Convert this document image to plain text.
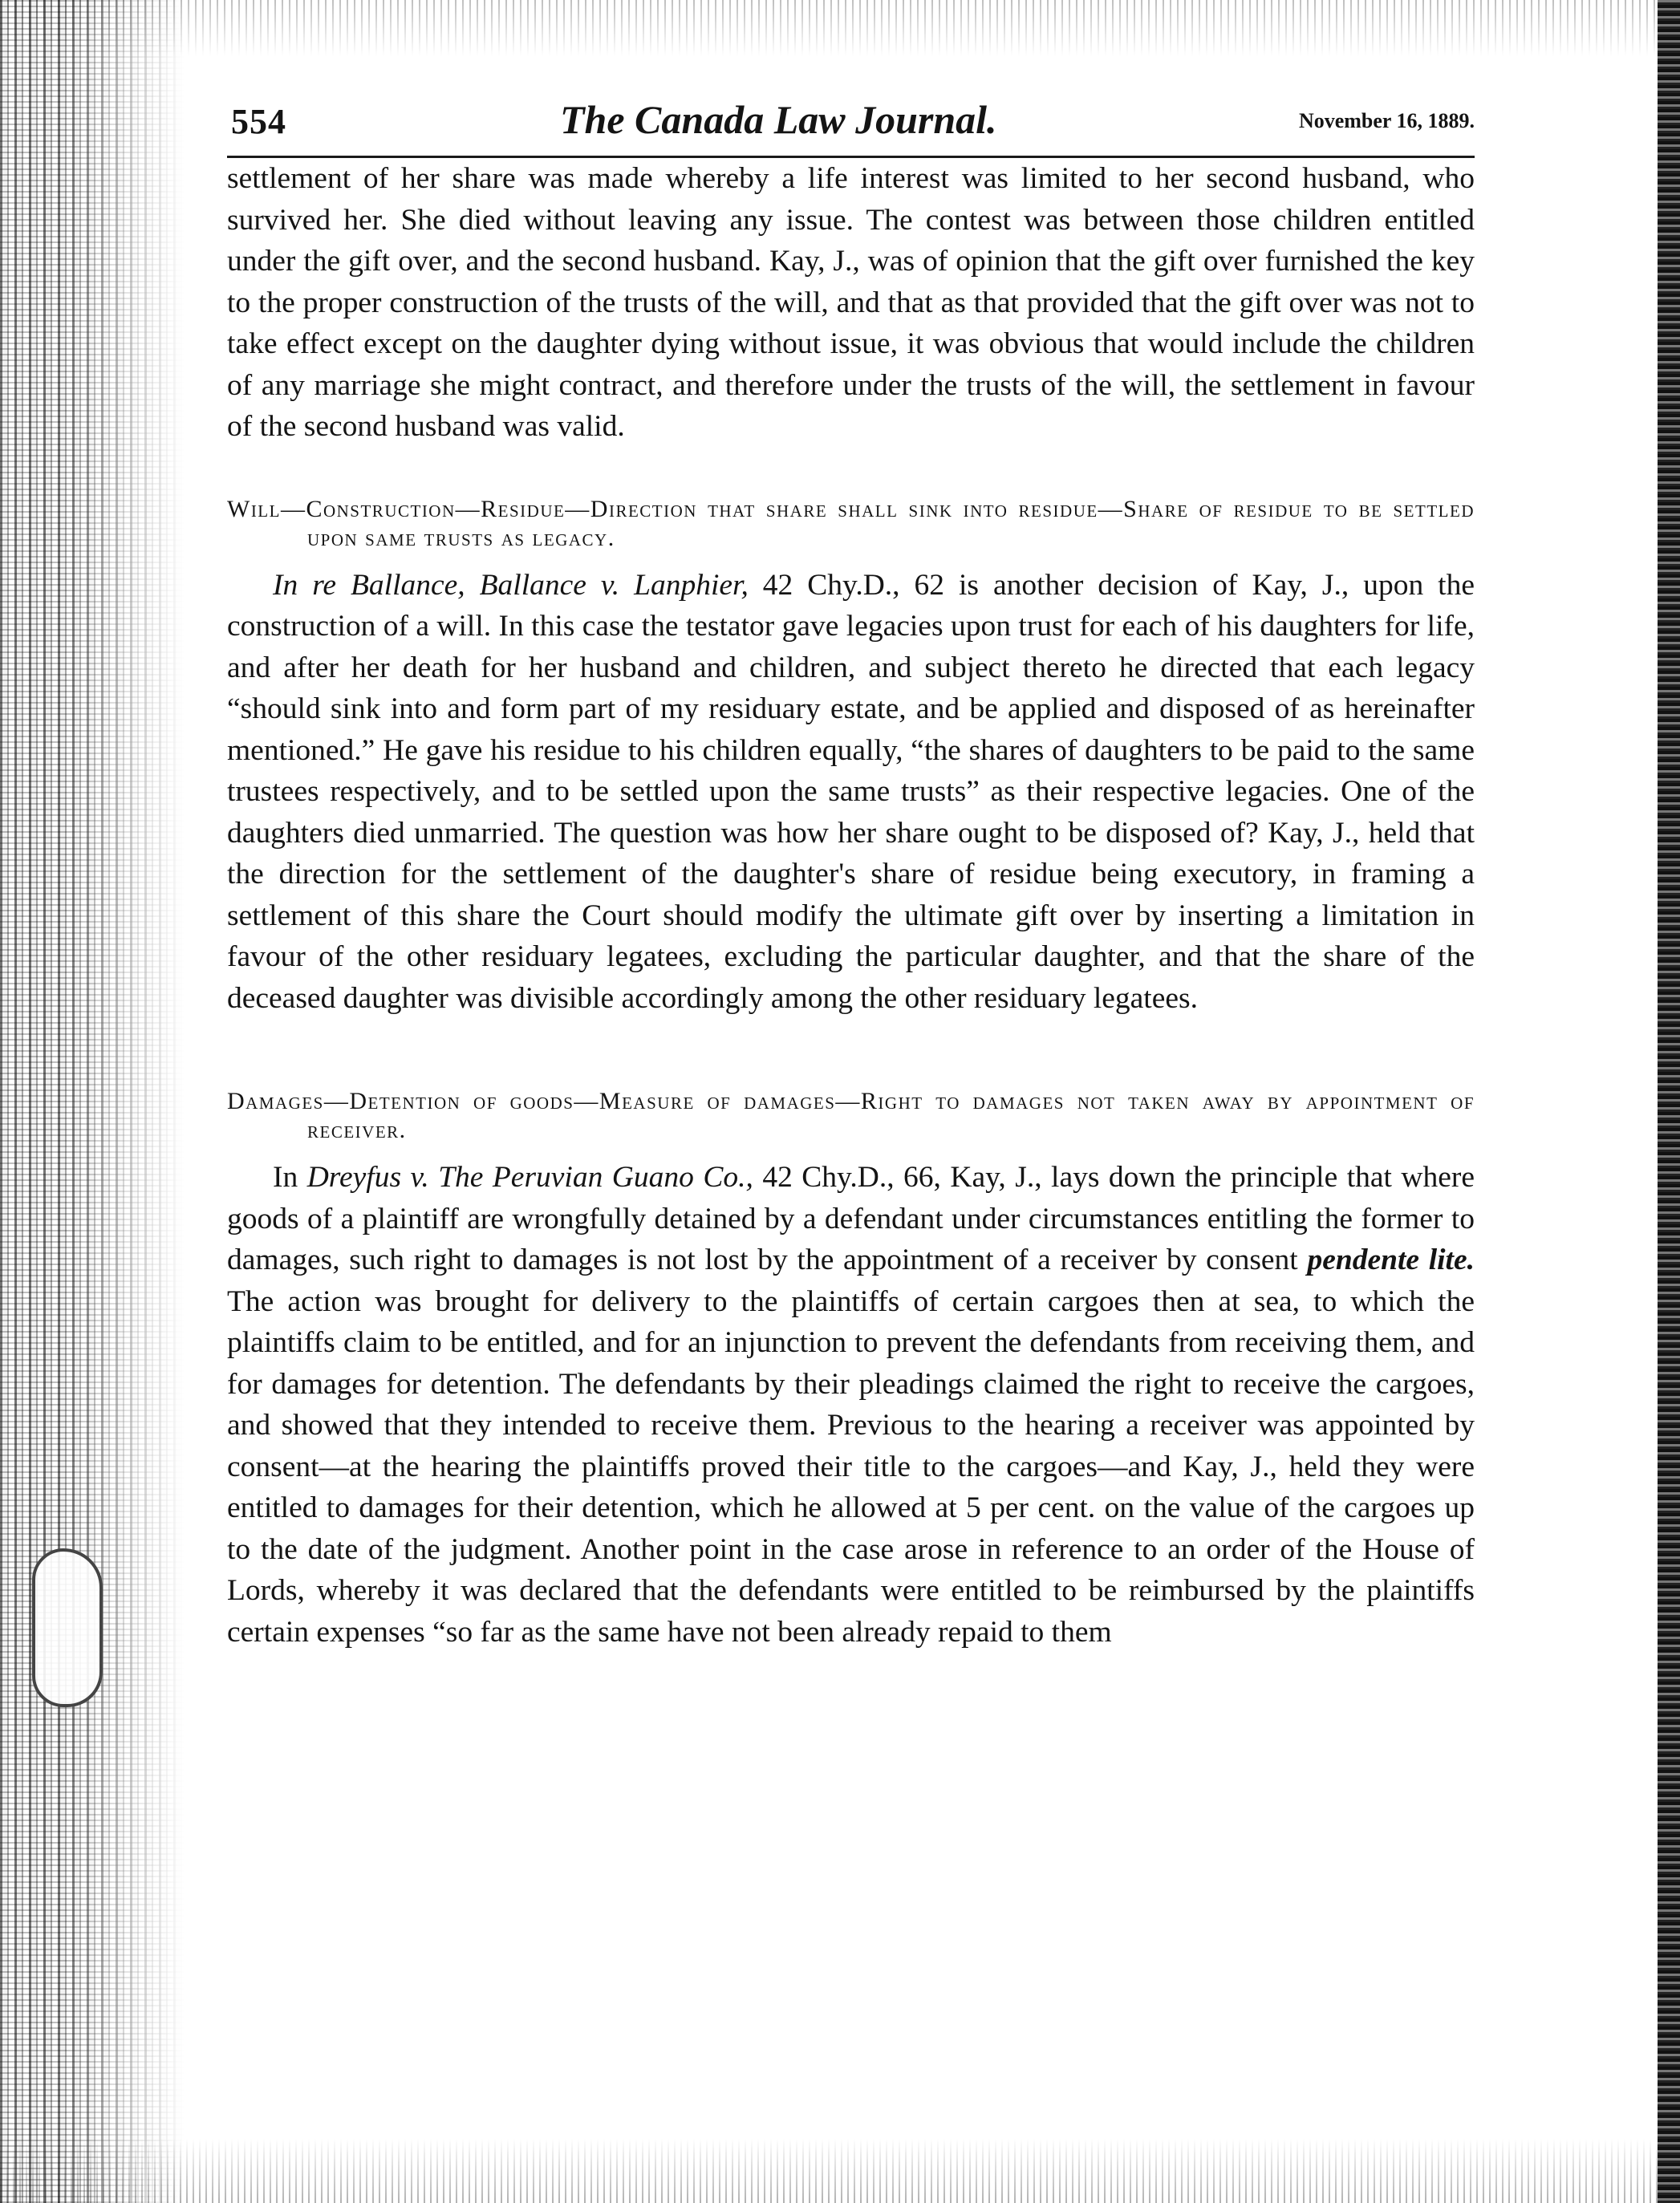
554	The Canada Law Journal.	November 16, 1889.

settlement of her share was made whereby a life interest was limited to her second husband, who survived her. She died without leaving any issue. The contest was between those children entitled under the gift over, and the second husband. Kay, J., was of opinion that the gift over furnished the key to the proper construction of the trusts of the will, and that as that provided that the gift over was not to take effect except on the daughter dying without issue, it was obvious that would include the children of any marriage she might contract, and therefore under the trusts of the will, the settlement in favour of the second husband was valid.

Will—Construction—Residue—Direction that share shall sink into residue—Share of residue to be settled upon same trusts as legacy.

In re Ballance, Ballance v. Lanphier, 42 Chy.D., 62 is another decision of Kay, J., upon the construction of a will. In this case the testator gave legacies upon trust for each of his daughters for life, and after her death for her husband and children, and subject thereto he directed that each legacy “should sink into and form part of my residuary estate, and be applied and disposed of as hereinafter mentioned.” He gave his residue to his children equally, “the shares of daughters to be paid to the same trustees respectively, and to be settled upon the same trusts” as their respective legacies. One of the daughters died unmarried. The question was how her share ought to be disposed of? Kay, J., held that the direction for the settlement of the daughter's share of residue being executory, in framing a settlement of this share the Court should modify the ultimate gift over by inserting a limitation in favour of the other residuary legatees, excluding the particular daughter, and that the share of the deceased daughter was divisible accordingly among the other residuary legatees.

Damages—Detention of goods—Measure of damages—Right to damages not taken away by appointment of receiver.

In Dreyfus v. The Peruvian Guano Co., 42 Chy.D., 66, Kay, J., lays down the principle that where goods of a plaintiff are wrongfully detained by a defendant under circumstances entitling the former to damages, such right to damages is not lost by the appointment of a receiver by consent pendente lite. The action was brought for delivery to the plaintiffs of certain cargoes then at sea, to which the plaintiffs claim to be entitled, and for an injunction to prevent the defendants from receiving them, and for damages for detention. The defendants by their pleadings claimed the right to receive the cargoes, and showed that they intended to receive them. Previous to the hearing a receiver was appointed by consent—at the hearing the plaintiffs proved their title to the cargoes—and Kay, J., held they were entitled to damages for their detention, which he allowed at 5 per cent. on the value of the cargoes up to the date of the judgment. Another point in the case arose in reference to an order of the House of Lords, whereby it was declared that the defendants were entitled to be reimbursed by the plaintiffs certain expenses “so far as the same have not been already repaid to them
